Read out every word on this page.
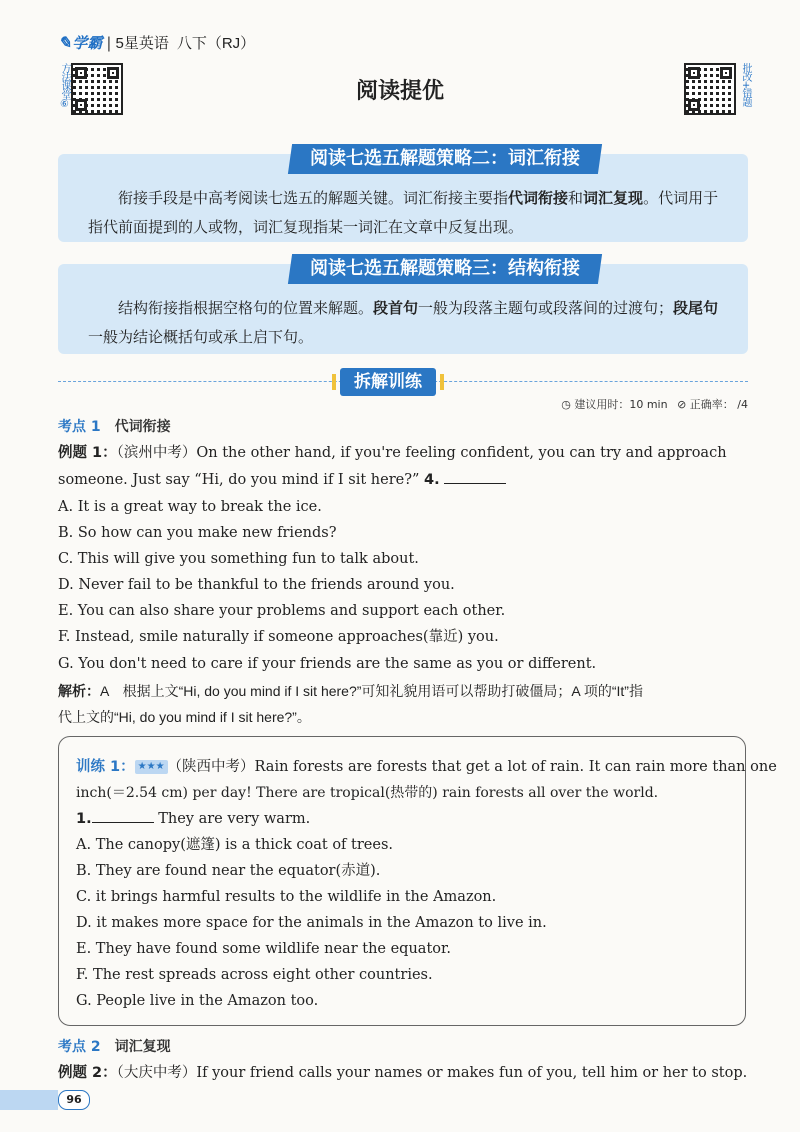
✎ 学霸 | 5星英语 八下（RJ）
方法课堂⑥	批改+错题
阅读提优
阅读七选五解题策略二：词汇衔接
衔接手段是中高考阅读七选五的解题关键。词汇衔接主要指代词衔接和词汇复现。代词用于指代前面提到的人或物，词汇复现指某一词汇在文章中反复出现。
阅读七选五解题策略三：结构衔接
结构衔接指根据空格句的位置来解题。段首句一般为段落主题句或段落间的过渡句；段尾句一般为结论概括句或承上启下句。
拆解训练
◷ 建议用时：10 min ⊘ 正确率： /4
考点 1 代词衔接
例题 1：（滨州中考）On the other hand, if you're feeling confident, you can try and approach
someone. Just say “Hi, do you mind if I sit here?” 4.
A. It is a great way to break the ice.
B. So how can you make new friends?
C. This will give you something fun to talk about.
D. Never fail to be thankful to the friends around you.
E. You can also share your problems and support each other.
F. Instead, smile naturally if someone approaches(靠近) you.
G. You don't need to care if your friends are the same as you or different.
解析：A　根据上文“Hi, do you mind if I sit here?”可知礼貌用语可以帮助打破僵局；A 项的“It”指
代上文的“Hi, do you mind if I sit here?”。
训练 1： ★★★ （陕西中考）Rain forests are forests that get a lot of rain. It can rain more than one
inch(＝2.54 cm) per day! There are tropical(热带的) rain forests all over the world.
1.	They are very warm.
A. The canopy(遮篷) is a thick coat of trees.
B. They are found near the equator(赤道).
C. it brings harmful results to the wildlife in the Amazon.
D. it makes more space for the animals in the Amazon to live in.
E. They have found some wildlife near the equator.
F. The rest spreads across eight other countries.
G. People live in the Amazon too.
考点 2 词汇复现
例题 2：（大庆中考）If your friend calls your names or makes fun of you, tell him or her to stop.
96
